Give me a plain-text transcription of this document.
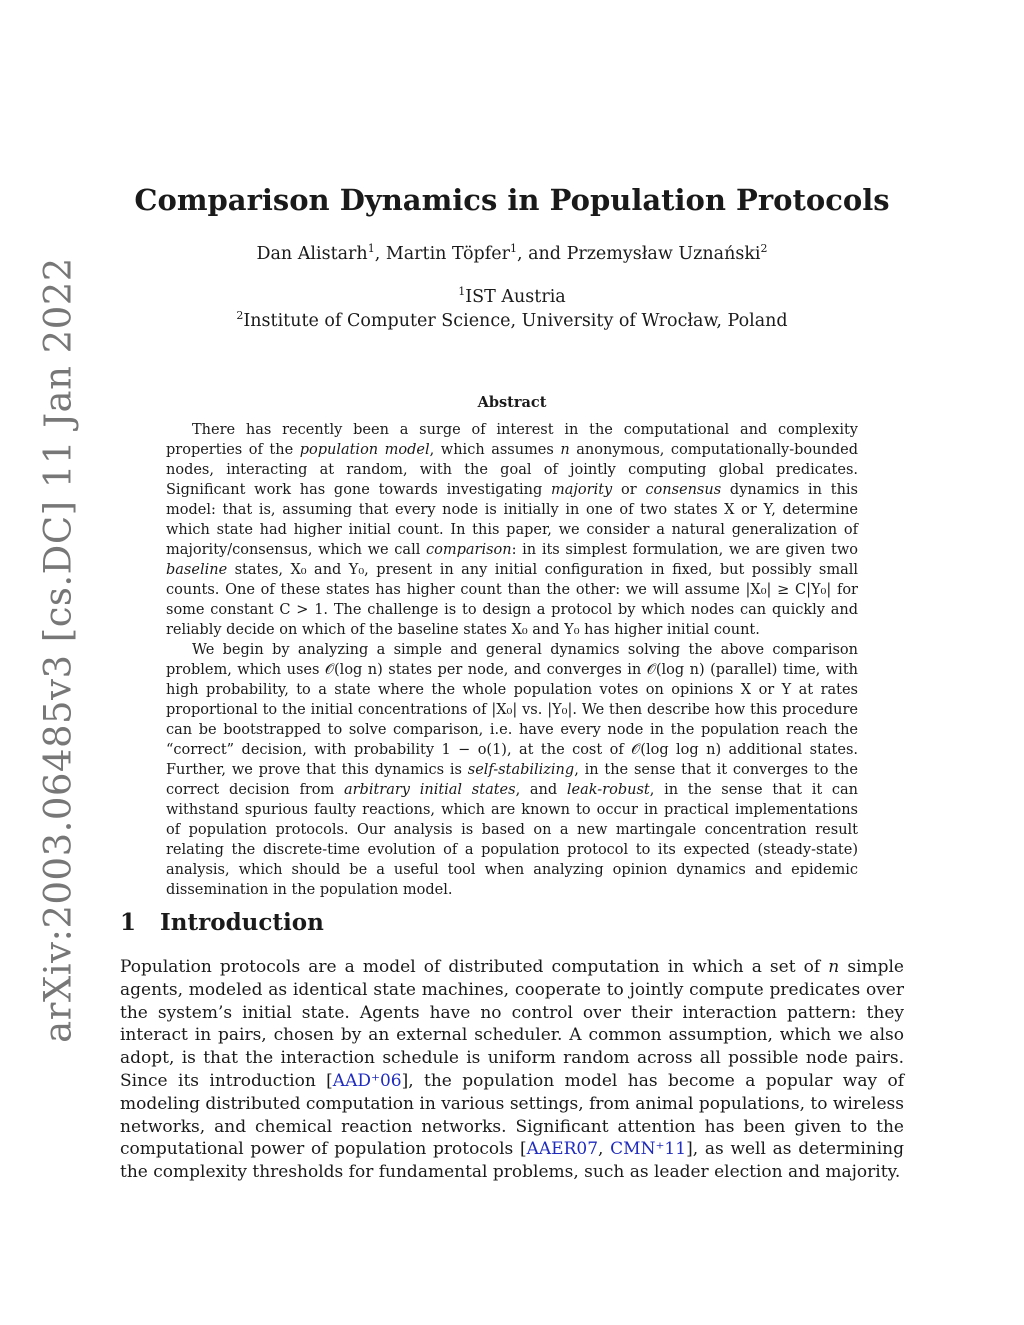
arXiv:2003.06485v3 [cs.DC] 11 Jan 2022
Comparison Dynamics in Population Protocols
Dan Alistarh$^1$, Martin Töpfer$^1$, and Przemysław Uznański$^2$
$^1$IST Austria
$^2$Institute of Computer Science, University of Wrocław, Poland
Abstract

There has recently been a surge of interest in the computational and complexity properties of the population model, which assumes n anonymous, computationally-bounded nodes, interacting at random, with the goal of jointly computing global predicates. Significant work has gone towards investigating majority or consensus dynamics in this model: that is, assuming that every node is initially in one of two states X or Y, determine which state had higher initial count. In this paper, we consider a natural generalization of majority/consensus, which we call comparison: in its simplest formulation, we are given two baseline states, X₀ and Y₀, present in any initial configuration in fixed, but possibly small counts. One of these states has higher count than the other: we will assume |X₀| ≥ C|Y₀| for some constant C > 1. The challenge is to design a protocol by which nodes can quickly and reliably decide on which of the baseline states X₀ and Y₀ has higher initial count.

We begin by analyzing a simple and general dynamics solving the above comparison problem, which uses 𝒪(log n) states per node, and converges in 𝒪(log n) (parallel) time, with high probability, to a state where the whole population votes on opinions X or Y at rates proportional to the initial concentrations of |X₀| vs. |Y₀|. We then describe how this procedure can be bootstrapped to solve comparison, i.e. have every node in the population reach the “correct” decision, with probability 1 − o(1), at the cost of 𝒪(log log n) additional states. Further, we prove that this dynamics is self-stabilizing, in the sense that it converges to the correct decision from arbitrary initial states, and leak-robust, in the sense that it can withstand spurious faulty reactions, which are known to occur in practical implementations of population protocols. Our analysis is based on a new martingale concentration result relating the discrete-time evolution of a population protocol to its expected (steady-state) analysis, which should be a useful tool when analyzing opinion dynamics and epidemic dissemination in the population model.

1 Introduction

Population protocols are a model of distributed computation in which a set of n simple agents, modeled as identical state machines, cooperate to jointly compute predicates over the system’s initial state. Agents have no control over their interaction pattern: they interact in pairs, chosen by an external scheduler. A common assumption, which we also adopt, is that the interaction schedule is uniform random across all possible node pairs. Since its introduction [AAD⁺06], the population model has become a popular way of modeling distributed computation in various settings, from animal populations, to wireless networks, and chemical reaction networks. Significant attention has been given to the computational power of population protocols [AAER07, CMN⁺11], as well as determining the complexity thresholds for fundamental problems, such as leader election and majority.
